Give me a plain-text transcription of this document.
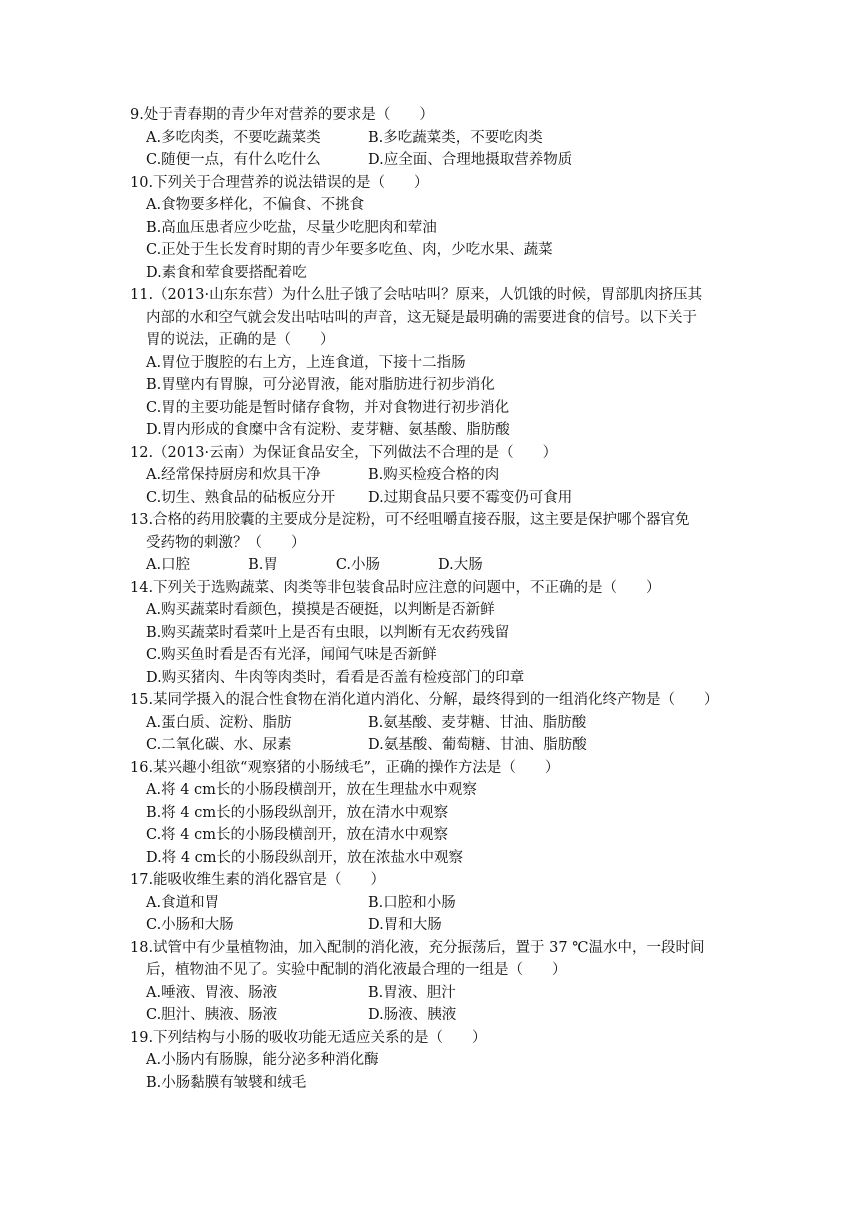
9.处于青春期的青少年对营养的要求是（　　）
A.多吃肉类，不要吃蔬菜类	B.多吃蔬菜类，不要吃肉类
C.随便一点，有什么吃什么	D.应全面、合理地摄取营养物质
10.下列关于合理营养的说法错误的是（　　）
A.食物要多样化，不偏食、不挑食
B.高血压患者应少吃盐，尽量少吃肥肉和荤油
C.正处于生长发育时期的青少年要多吃鱼、肉，少吃水果、蔬菜
D.素食和荤食要搭配着吃
11.（2013·山东东营）为什么肚子饿了会咕咕叫？原来，人饥饿的时候，胃部肌肉挤压其
内部的水和空气就会发出咕咕叫的声音，这无疑是最明确的需要进食的信号。以下关于
胃的说法，正确的是（　　）
A.胃位于腹腔的右上方，上连食道，下接十二指肠
B.胃壁内有胃腺，可分泌胃液，能对脂肪进行初步消化
C.胃的主要功能是暂时储存食物，并对食物进行初步消化
D.胃内形成的食糜中含有淀粉、麦芽糖、氨基酸、脂肪酸
12.（2013·云南）为保证食品安全，下列做法不合理的是（　　）
A.经常保持厨房和炊具干净	B.购买检疫合格的肉
C.切生、熟食品的砧板应分开	D.过期食品只要不霉变仍可食用
13.合格的药用胶囊的主要成分是淀粉，可不经咀嚼直接吞服，这主要是保护哪个器官免
受药物的刺激？（　　）
A.口腔　　　　B.胃　　　　C.小肠　　　　D.大肠
14.下列关于选购蔬菜、肉类等非包装食品时应注意的问题中，不正确的是（　　）
A.购买蔬菜时看颜色，摸摸是否硬挺，以判断是否新鲜
B.购买蔬菜时看菜叶上是否有虫眼，以判断有无农药残留
C.购买鱼时看是否有光泽，闻闻气味是否新鲜
D.购买猪肉、牛肉等肉类时，看看是否盖有检疫部门的印章
15.某同学摄入的混合性食物在消化道内消化、分解，最终得到的一组消化终产物是（　　）
A.蛋白质、淀粉、脂肪	B.氨基酸、麦芽糖、甘油、脂肪酸
C.二氧化碳、水、尿素	D.氨基酸、葡萄糖、甘油、脂肪酸
16.某兴趣小组欲“观察猪的小肠绒毛”，正确的操作方法是（　　）
A.将 4 cm长的小肠段横剖开，放在生理盐水中观察
B.将 4 cm长的小肠段纵剖开，放在清水中观察
C.将 4 cm长的小肠段横剖开，放在清水中观察
D.将 4 cm长的小肠段纵剖开，放在浓盐水中观察
17.能吸收维生素的消化器官是（　　）
A.食道和胃	B.口腔和小肠
C.小肠和大肠	D.胃和大肠
18.试管中有少量植物油，加入配制的消化液，充分振荡后，置于 37 ℃温水中，一段时间
后，植物油不见了。实验中配制的消化液最合理的一组是（　　）
A.唾液、胃液、肠液	B.胃液、胆汁
C.胆汁、胰液、肠液	D.肠液、胰液
19.下列结构与小肠的吸收功能无适应关系的是（　　）
A.小肠内有肠腺，能分泌多种消化酶
B.小肠黏膜有皱襞和绒毛
